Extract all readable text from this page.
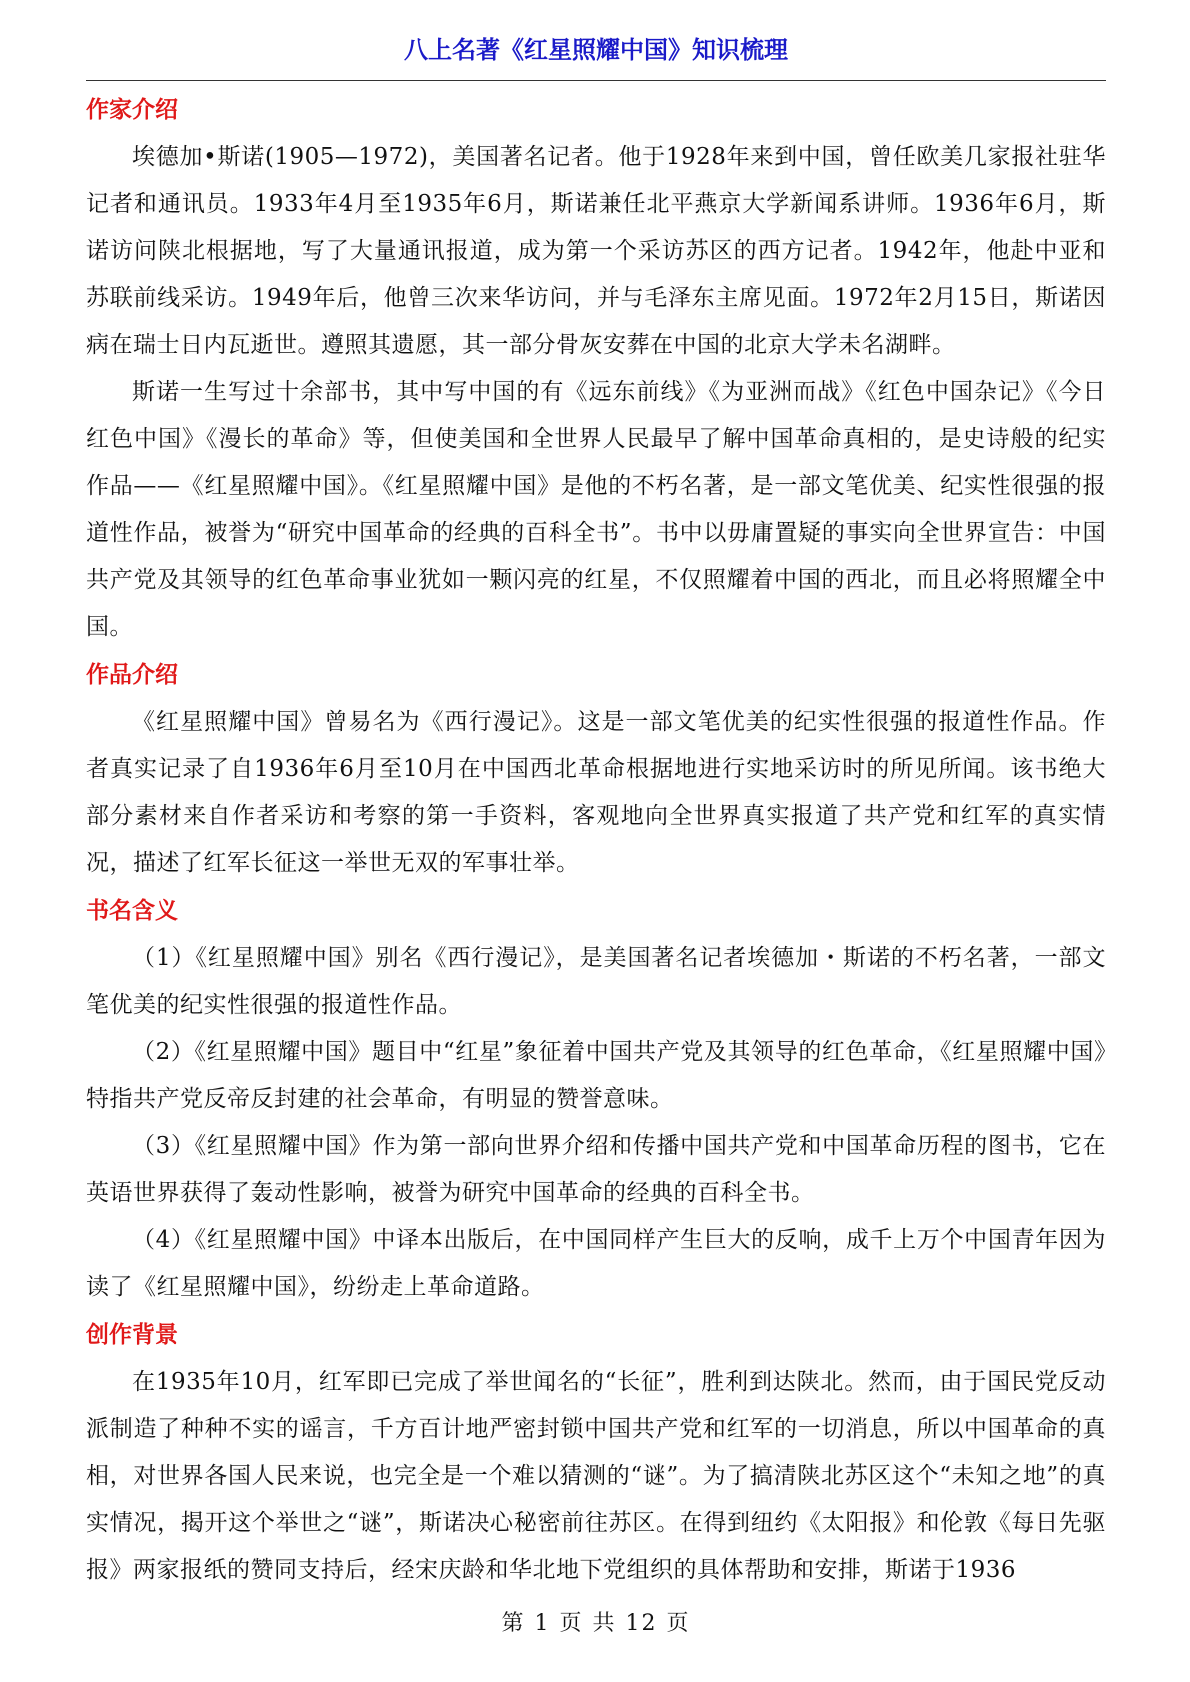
八上名著《红星照耀中国》知识梳理
作家介绍

埃德加•斯诺(1905—1972)，美国著名记者。他于1928年来到中国，曾任欧美几家报社驻华记者和通讯员。1933年4月至1935年6月，斯诺兼任北平燕京大学新闻系讲师。1936年6月，斯诺访问陕北根据地，写了大量通讯报道，成为第一个采访苏区的西方记者。1942年，他赴中亚和苏联前线采访。1949年后，他曾三次来华访问，并与毛泽东主席见面。1972年2月15日，斯诺因病在瑞士日内瓦逝世。遵照其遗愿，其一部分骨灰安葬在中国的北京大学未名湖畔。

斯诺一生写过十余部书，其中写中国的有《远东前线》《为亚洲而战》《红色中国杂记》《今日红色中国》《漫长的革命》等，但使美国和全世界人民最早了解中国革命真相的，是史诗般的纪实作品——《红星照耀中国》。《红星照耀中国》是他的不朽名著，是一部文笔优美、纪实性很强的报道性作品，被誉为“研究中国革命的经典的百科全书”。书中以毋庸置疑的事实向全世界宣告：中国共产党及其领导的红色革命事业犹如一颗闪亮的红星，不仅照耀着中国的西北，而且必将照耀全中国。

作品介绍

《红星照耀中国》曾易名为《西行漫记》。这是一部文笔优美的纪实性很强的报道性作品。作者真实记录了自1936年6月至10月在中国西北革命根据地进行实地采访时的所见所闻。该书绝大部分素材来自作者采访和考察的第一手资料，客观地向全世界真实报道了共产党和红军的真实情况，描述了红军长征这一举世无双的军事壮举。

书名含义

（1）《红星照耀中国》别名《西行漫记》，是美国著名记者埃德加・斯诺的不朽名著，一部文笔优美的纪实性很强的报道性作品。

（2）《红星照耀中国》题目中“红星”象征着中国共产党及其领导的红色革命，《红星照耀中国》特指共产党反帝反封建的社会革命，有明显的赞誉意味。

（3）《红星照耀中国》作为第一部向世界介绍和传播中国共产党和中国革命历程的图书，它在英语世界获得了轰动性影响，被誉为研究中国革命的经典的百科全书。

（4）《红星照耀中国》中译本出版后，在中国同样产生巨大的反响，成千上万个中国青年因为读了《红星照耀中国》，纷纷走上革命道路。

创作背景

在1935年10月，红军即已完成了举世闻名的“长征”，胜利到达陕北。然而，由于国民党反动派制造了种种不实的谣言，千方百计地严密封锁中国共产党和红军的一切消息，所以中国革命的真相，对世界各国人民来说，也完全是一个难以猜测的“谜”。为了搞清陕北苏区这个“未知之地”的真实情况，揭开这个举世之“谜”，斯诺决心秘密前往苏区。在得到纽约《太阳报》和伦敦《每日先驱报》两家报纸的赞同支持后，经宋庆龄和华北地下党组织的具体帮助和安排，斯诺于1936

第 1 页 共 12 页
